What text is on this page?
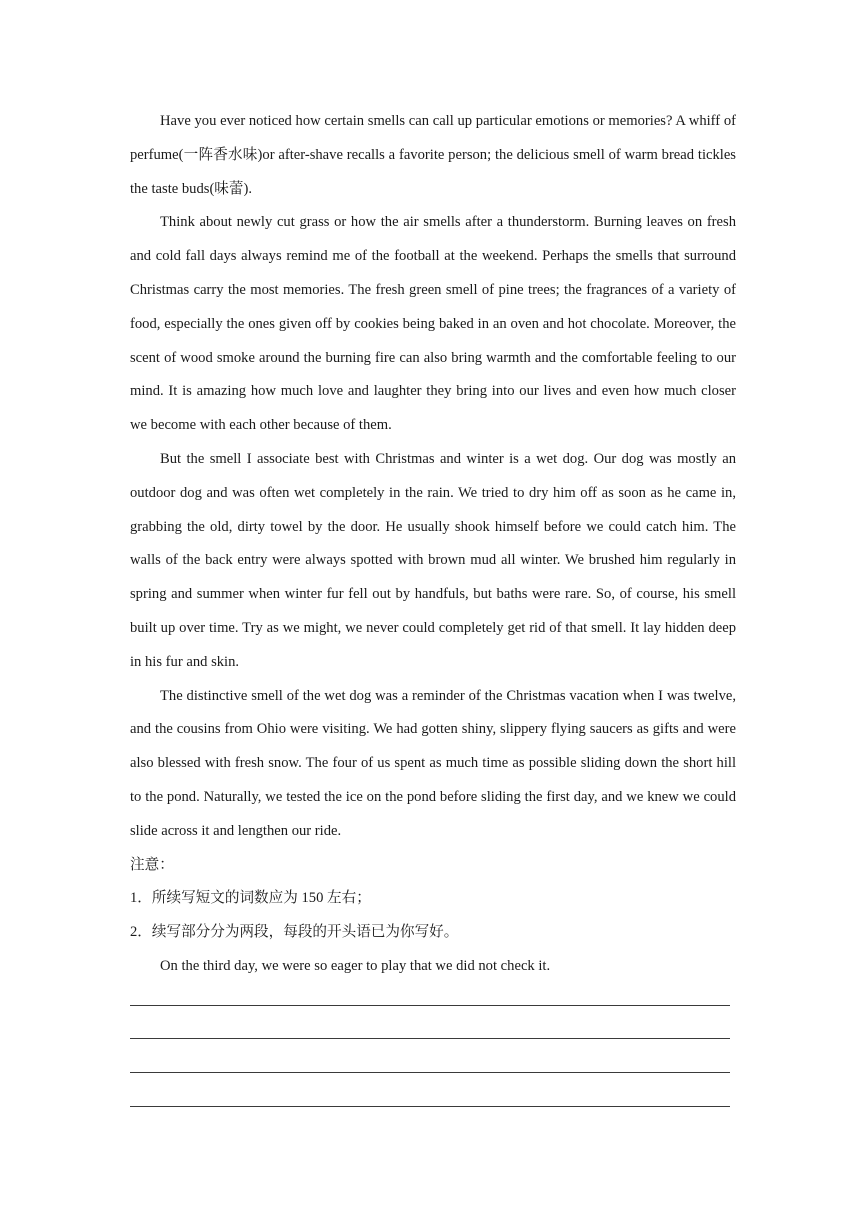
Have you ever noticed how certain smells can call up particular emotions or memories? A whiff of perfume(一阵香水味)or after-shave recalls a favorite person; the delicious smell of warm bread tickles the taste buds(味蕾).

Think about newly cut grass or how the air smells after a thunderstorm. Burning leaves on fresh and cold fall days always remind me of the football at the weekend. Perhaps the smells that surround Christmas carry the most memories. The fresh green smell of pine trees; the fragrances of a variety of food, especially the ones given off by cookies being baked in an oven and hot chocolate. Moreover, the scent of wood smoke around the burning fire can also bring warmth and the comfortable feeling to our mind. It is amazing how much love and laughter they bring into our lives and even how much closer we become with each other because of them.

But the smell I associate best with Christmas and winter is a wet dog. Our dog was mostly an outdoor dog and was often wet completely in the rain. We tried to dry him off as soon as he came in, grabbing the old, dirty towel by the door. He usually shook himself before we could catch him. The walls of the back entry were always spotted with brown mud all winter. We brushed him regularly in spring and summer when winter fur fell out by handfuls, but baths were rare. So, of course, his smell built up over time. Try as we might, we never could completely get rid of that smell. It lay hidden deep in his fur and skin.

The distinctive smell of the wet dog was a reminder of the Christmas vacation when I was twelve, and the cousins from Ohio were visiting. We had gotten shiny, slippery flying saucers as gifts and were also blessed with fresh snow. The four of us spent as much time as possible sliding down the short hill to the pond. Naturally, we tested the ice on the pond before sliding the first day, and we knew we could slide across it and lengthen our ride.

注意：

1．所续写短文的词数应为 150 左右；

2．续写部分分为两段，每段的开头语已为你写好。

On the third day, we were so eager to play that we did not check it.
